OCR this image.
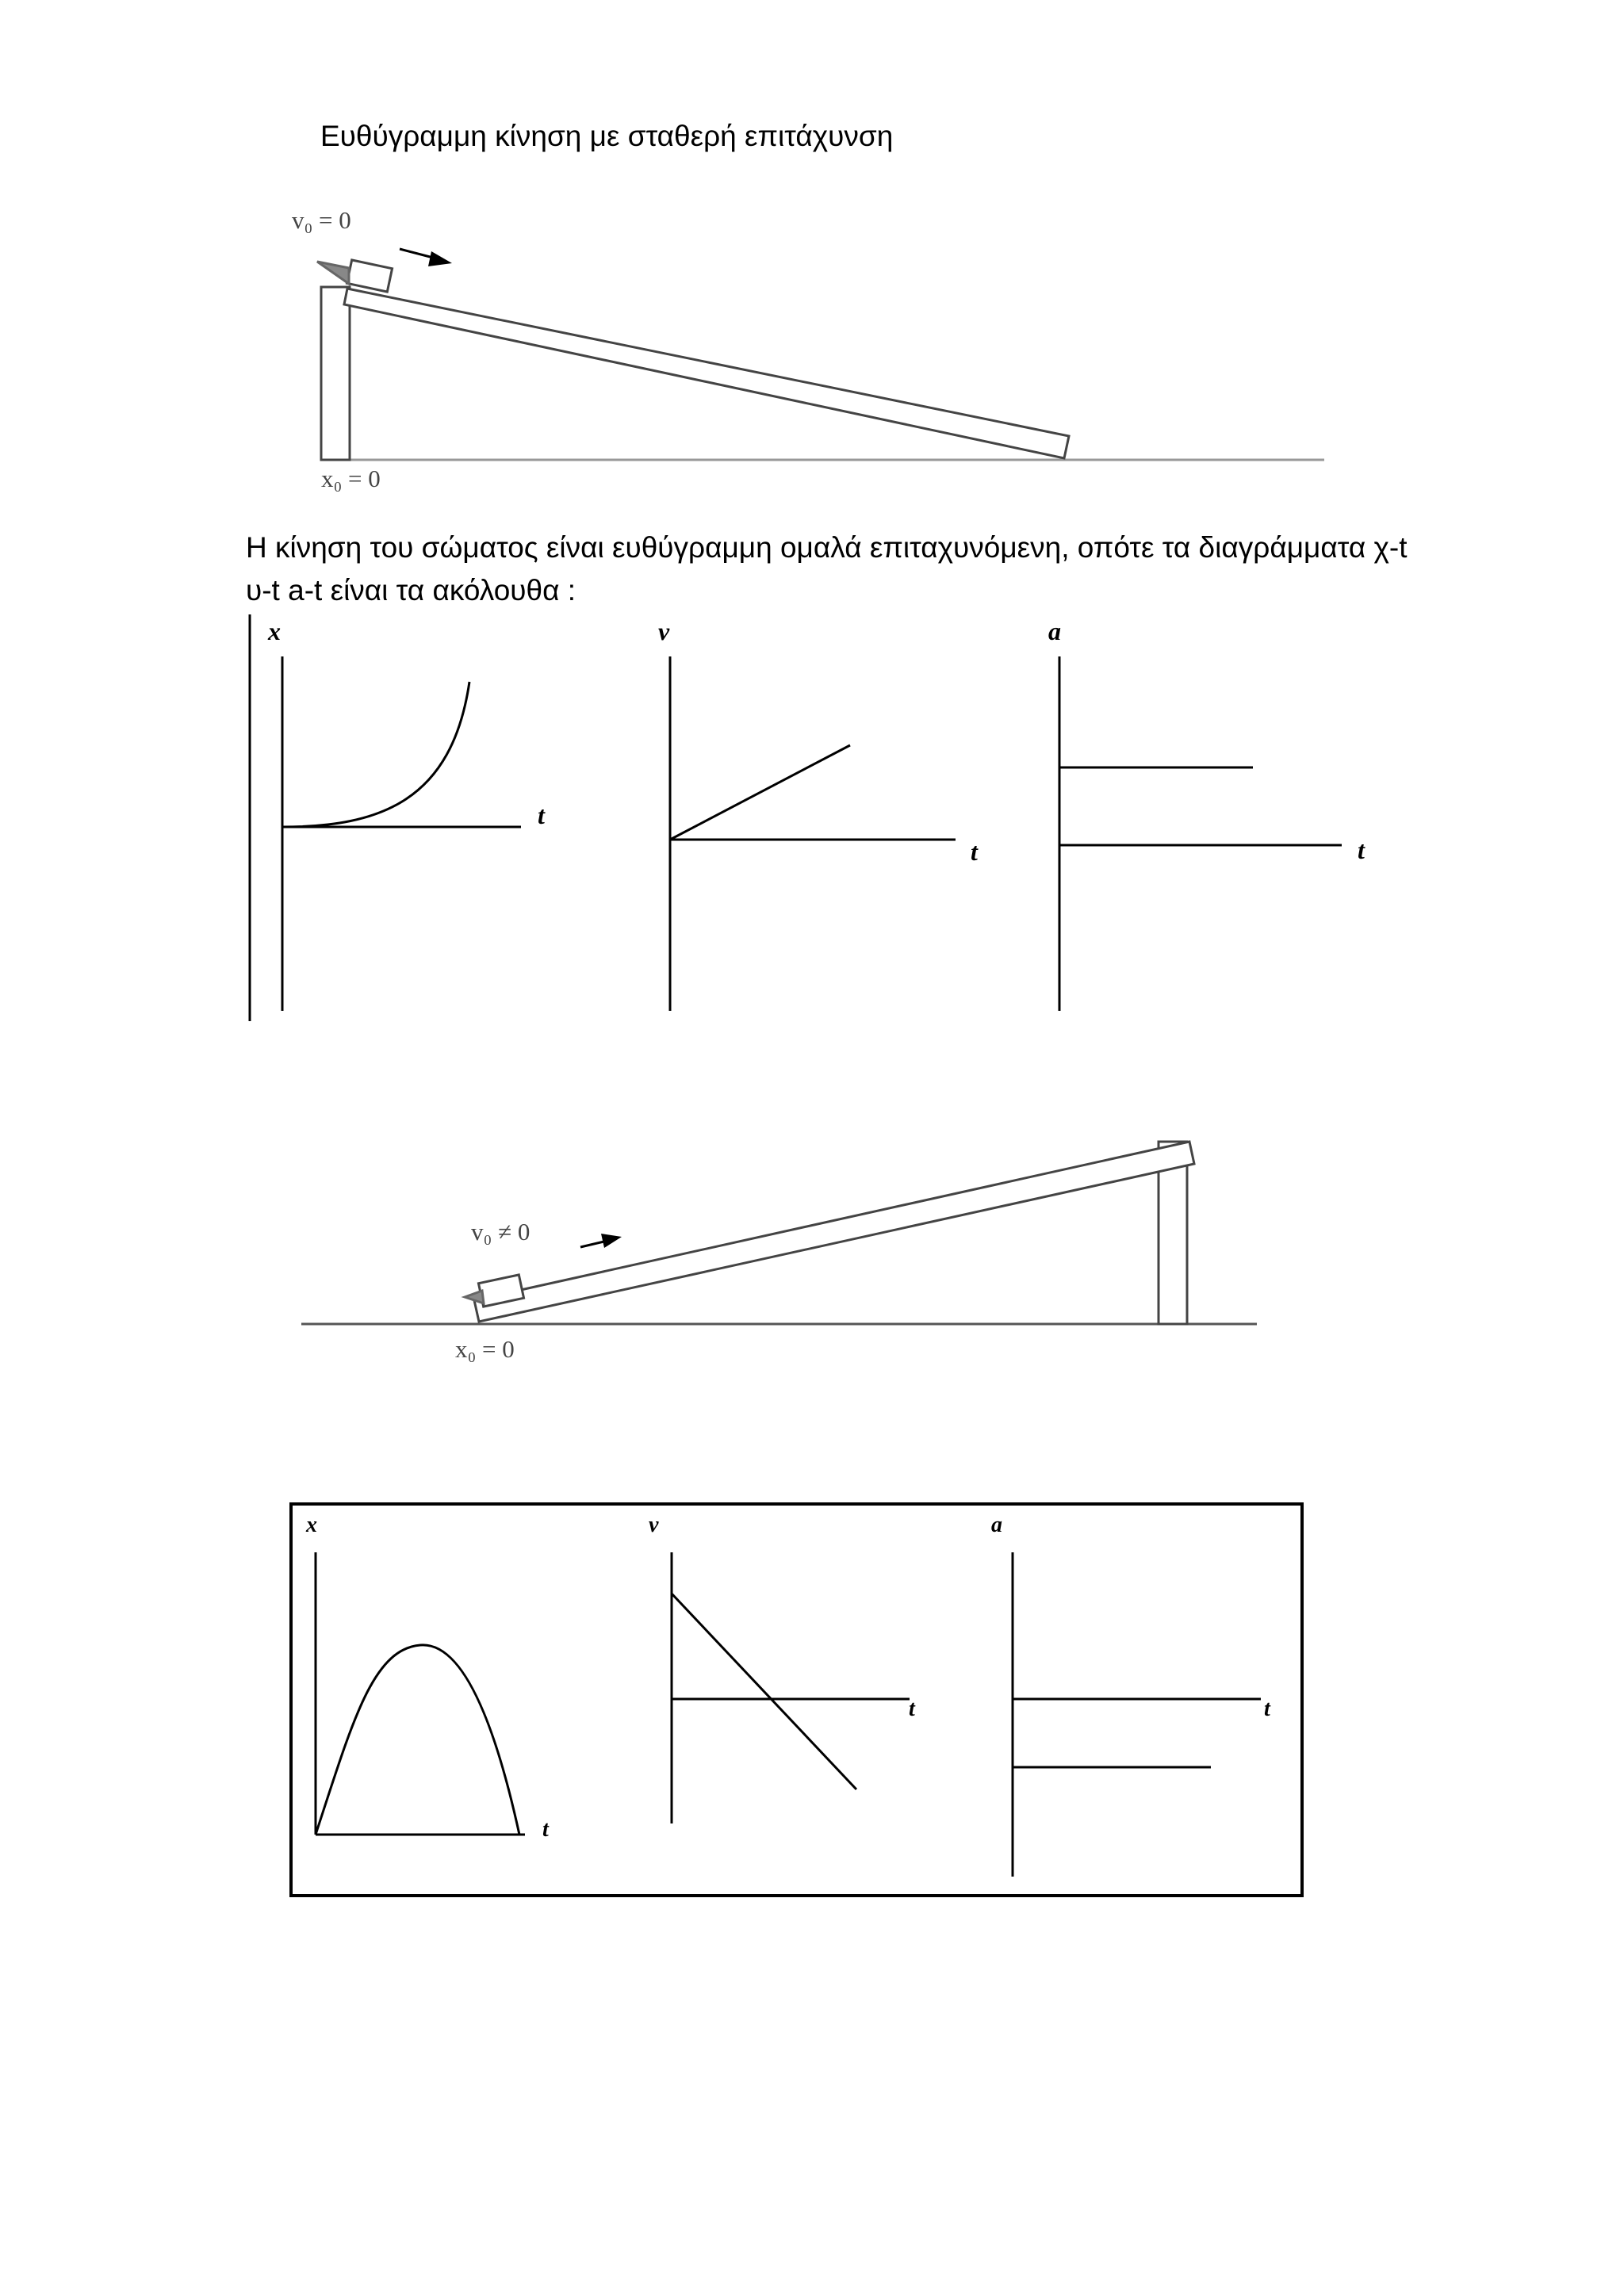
Ευθύγραμμη κίνηση με σταθερή επιτάχυνση
v₀ = 0
x₀ = 0
Η κίνηση του σώματος είναι ευθύγραμμη ομαλά επιταχυνόμενη, οπότε τα διαγράμματα χ-t
υ-t a-t είναι τα ακόλουθα :
x
t
v
t
a
t
v₀ ≠ 0
x₀ = 0
x
t
v
t
a
t
